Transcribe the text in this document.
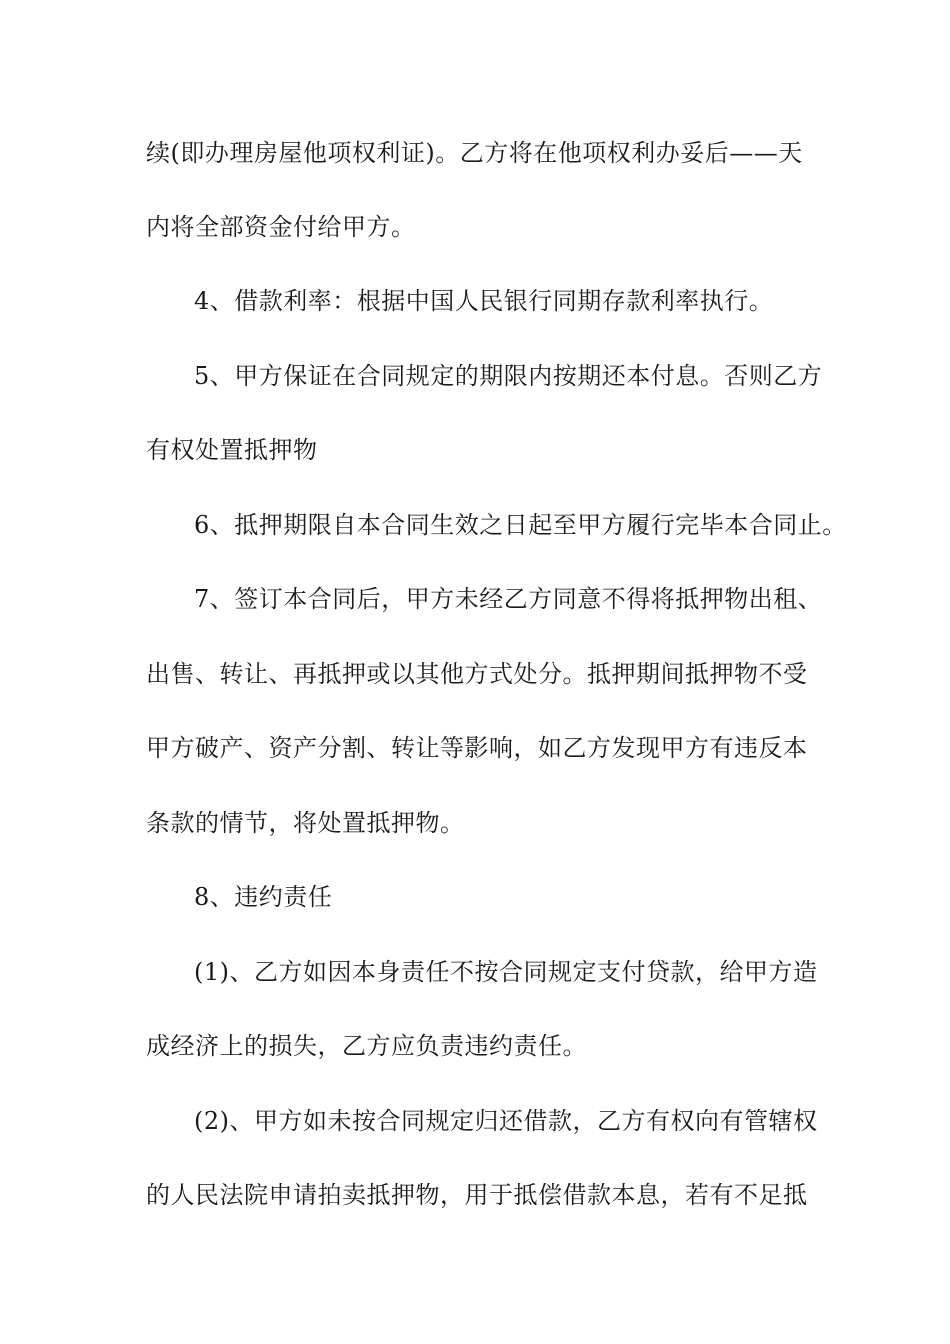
续(即办理房屋他项权利证)。乙方将在他项权利办妥后——天
内将全部资金付给甲方。
4、借款利率：根据中国人民银行同期存款利率执行。
5、甲方保证在合同规定的期限内按期还本付息。否则乙方
有权处置抵押物
6、抵押期限自本合同生效之日起至甲方履行完毕本合同止。
7、签订本合同后，甲方未经乙方同意不得将抵押物出租、
出售、转让、再抵押或以其他方式处分。抵押期间抵押物不受
甲方破产、资产分割、转让等影响，如乙方发现甲方有违反本
条款的情节，将处置抵押物。
8、违约责任
(1)、乙方如因本身责任不按合同规定支付贷款，给甲方造
成经济上的损失，乙方应负责违约责任。
(2)、甲方如未按合同规定归还借款，乙方有权向有管辖权
的人民法院申请拍卖抵押物，用于抵偿借款本息，若有不足抵
